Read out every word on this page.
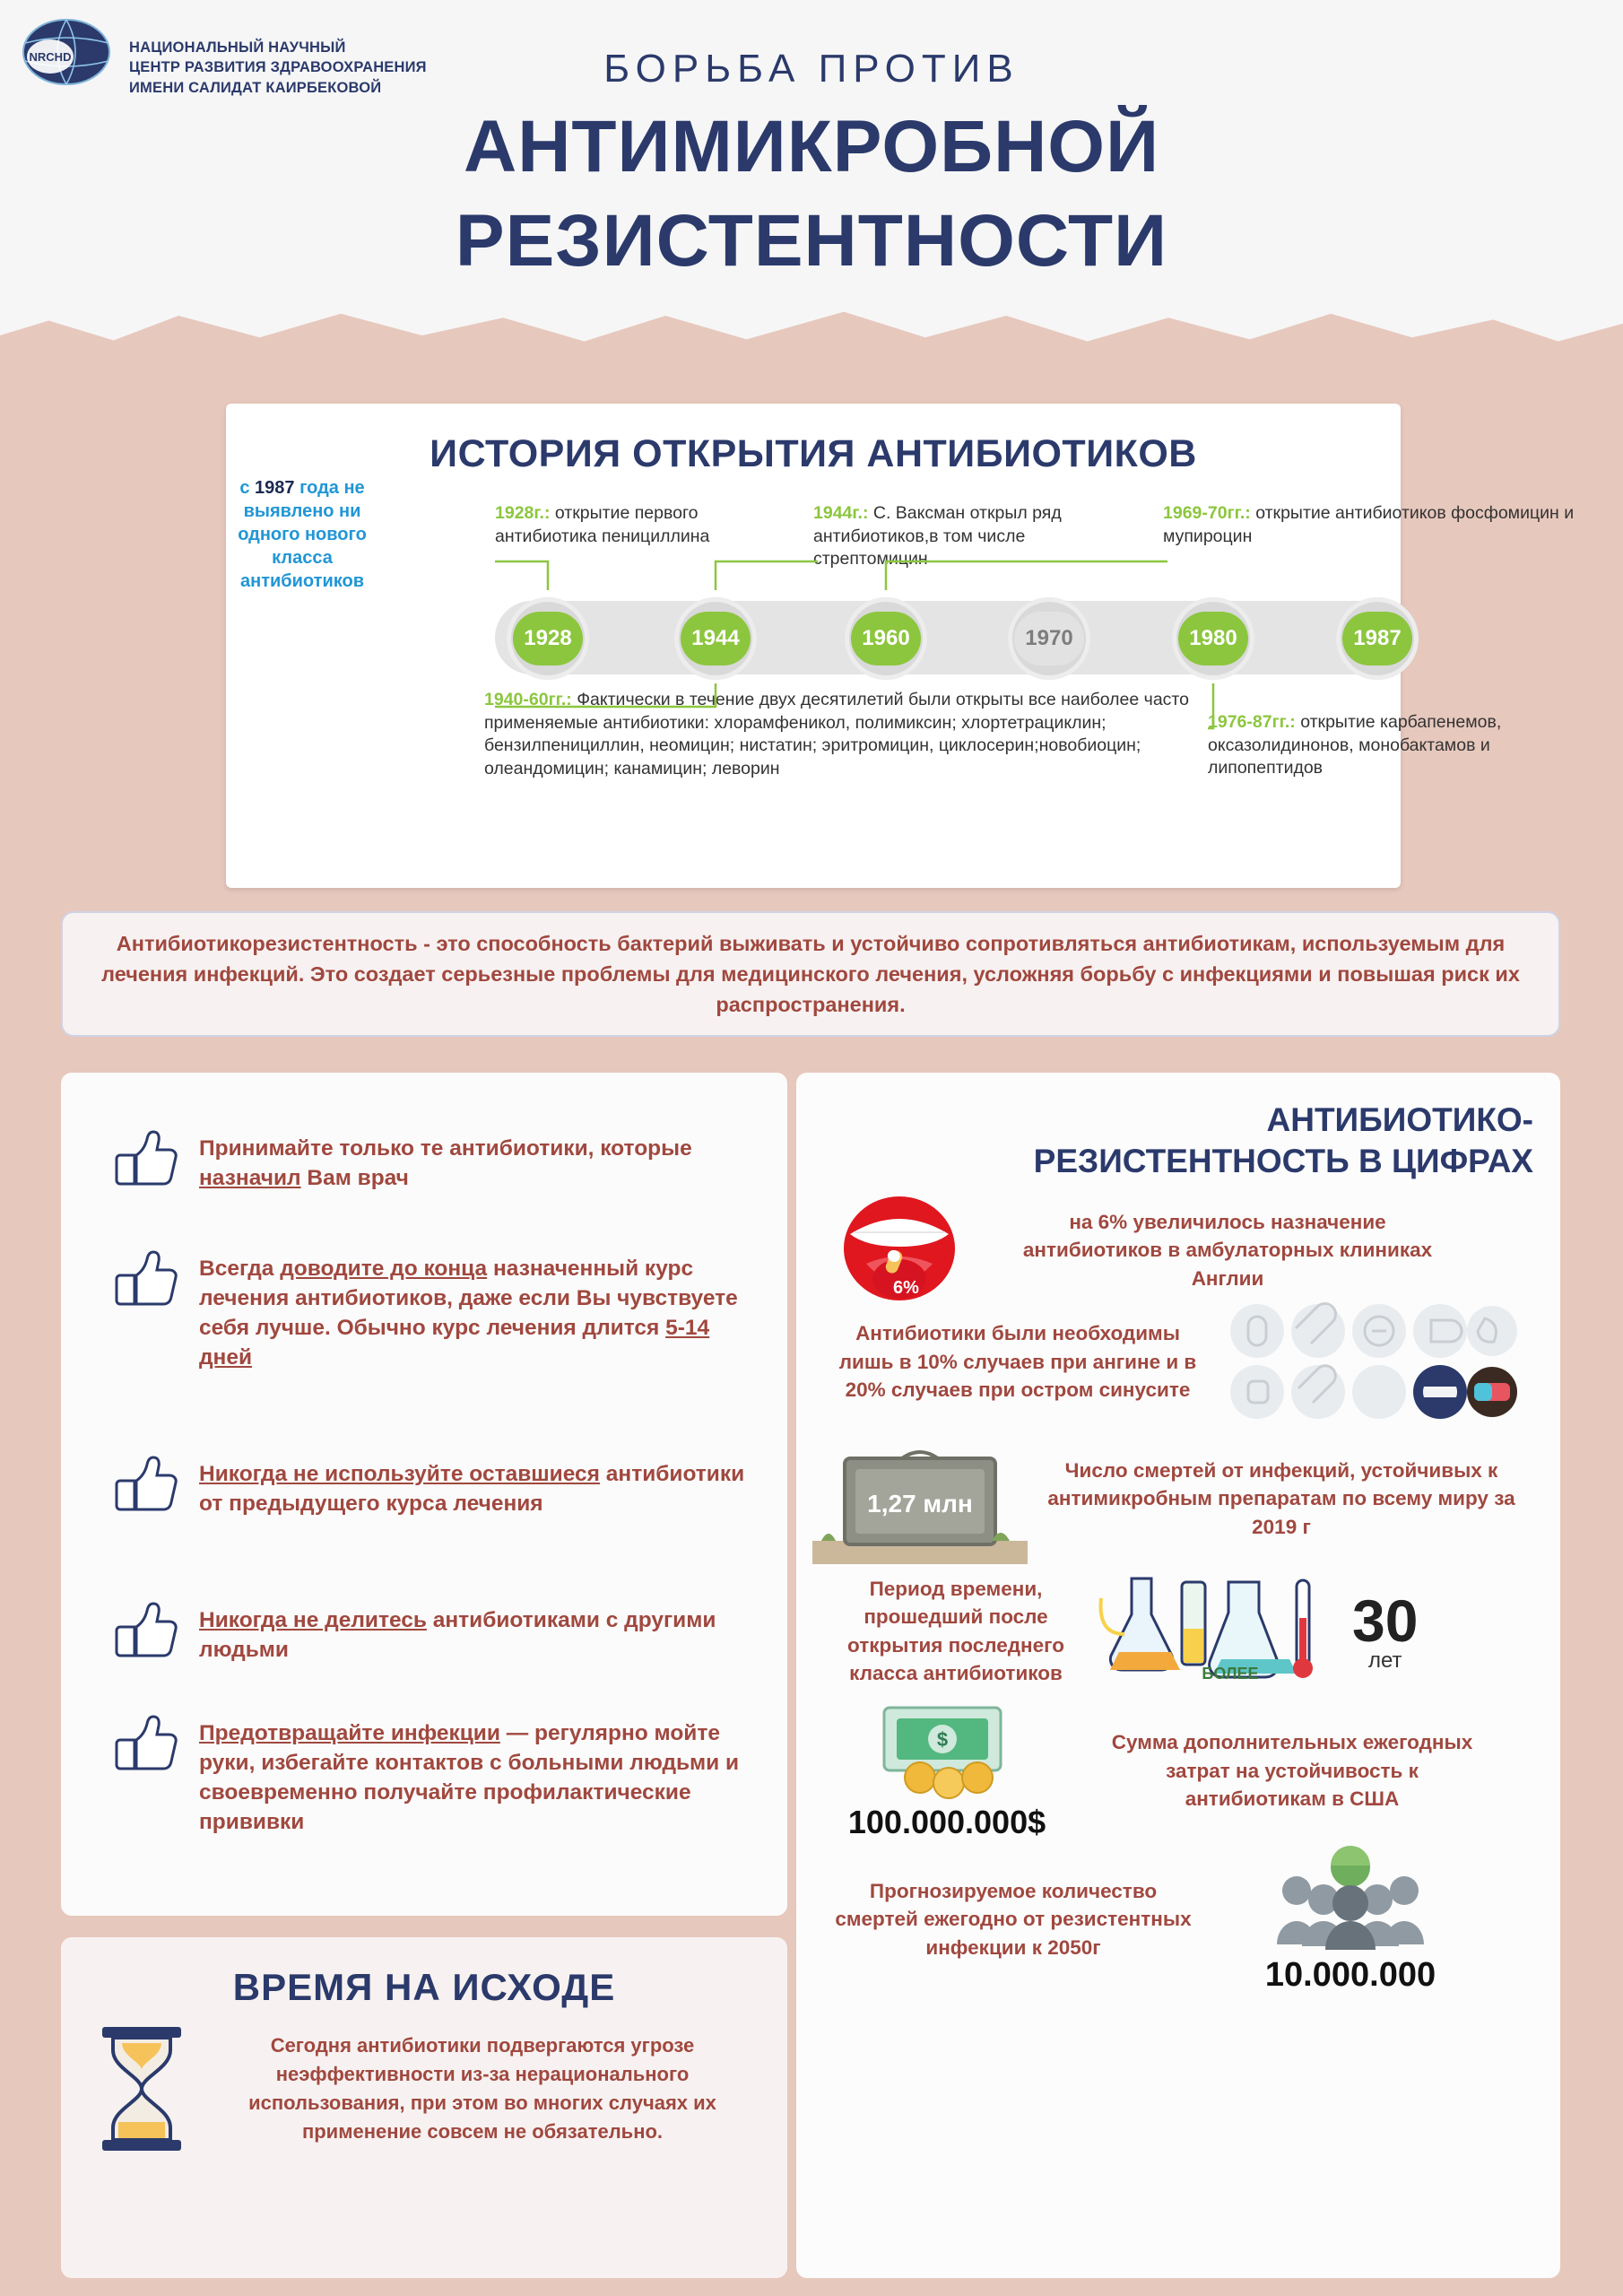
NRCHD
НАЦИОНАЛЬНЫЙ НАУЧНЫЙ
ЦЕНТР РАЗВИТИЯ ЗДРАВООХРАНЕНИЯ
ИМЕНИ САЛИДАТ КАИРБЕКОВОЙ	БОРЬБА ПРОТИВ
АНТИМИКРОБНОЙ
РЕЗИСТЕНТНОСТИ
ИСТОРИЯ ОТКРЫТИЯ АНТИБИОТИКОВ
1928г.: открытие первого антибиотика пенициллина
1944г.: С. Ваксман открыл ряд антибиотиков,в том числе стрептомицин
1969-70гг.: открытие антибиотиков фосфомицин и мупироцин
1940-60гг.: Фактически в течение двух десятилетий были открыты все наиболее часто применяемые антибиотики: хлорамфеникол, полимиксин; хлортетрациклин; бензилпенициллин, неомицин; нистатин; эритромицин, циклосерин;новобиоцин; олеандомицин; канамицин; леворин
1976-87гг.: открытие карбапенемов, оксазолидинонов, монобактамов и липопептидов
с 1987 года не выявлено ни одного нового класса антибиотиков
1928	1944	1960	1970	1980	1987

Антибиотикорезистентность - это способность бактерий выживать и устойчиво сопротивляться антибиотикам, используемым для лечения инфекций. Это создает серьезные проблемы для медицинского лечения, усложняя борьбу с инфекциями и повышая риск их распространения.

Принимайте только те антибиотики, которые назначил Вам врач
Всегда доводите до конца назначенный курс лечения антибиотиков, даже если Вы чувствуете себя лучше. Обычно курс лечения длится 5-14 дней
Никогда не используйте оставшиеся антибиотики от предыдущего курса лечения
Никогда не делитесь антибиотиками с другими людьми
Предотвращайте инфекции — регулярно мойте руки, избегайте контактов с больными людьми и своевременно получайте профилактические прививки
ВРЕМЯ НА ИСХОДЕ
Сегодня антибиотики подвергаются угрозе неэффективности из-за нерационального использования, при этом во многих случаях их применение совсем не обязательно.
АНТИБИОТИКО-
РЕЗИСТЕНТНОСТЬ В ЦИФРАХ
6%
на 6% увеличилось назначение антибиотиков в амбулаторных клиниках Англии
Антибиотики были необходимы лишь в 10% случаев при ангине и в 20% случаев при остром синусите
1,27 млн
Число смертей от инфекций, устойчивых к антимикробным препаратам по всему миру за 2019 г
Период времени, прошедший после открытия последнего класса антибиотиков	БОЛЕЕ
30
лет
$
100.000.000$
Сумма дополнительных ежегодных затрат на устойчивость к антибиотикам в США
Прогнозируемое количество смертей ежегодно от резистентных инфекции к 2050г
10.000.000
